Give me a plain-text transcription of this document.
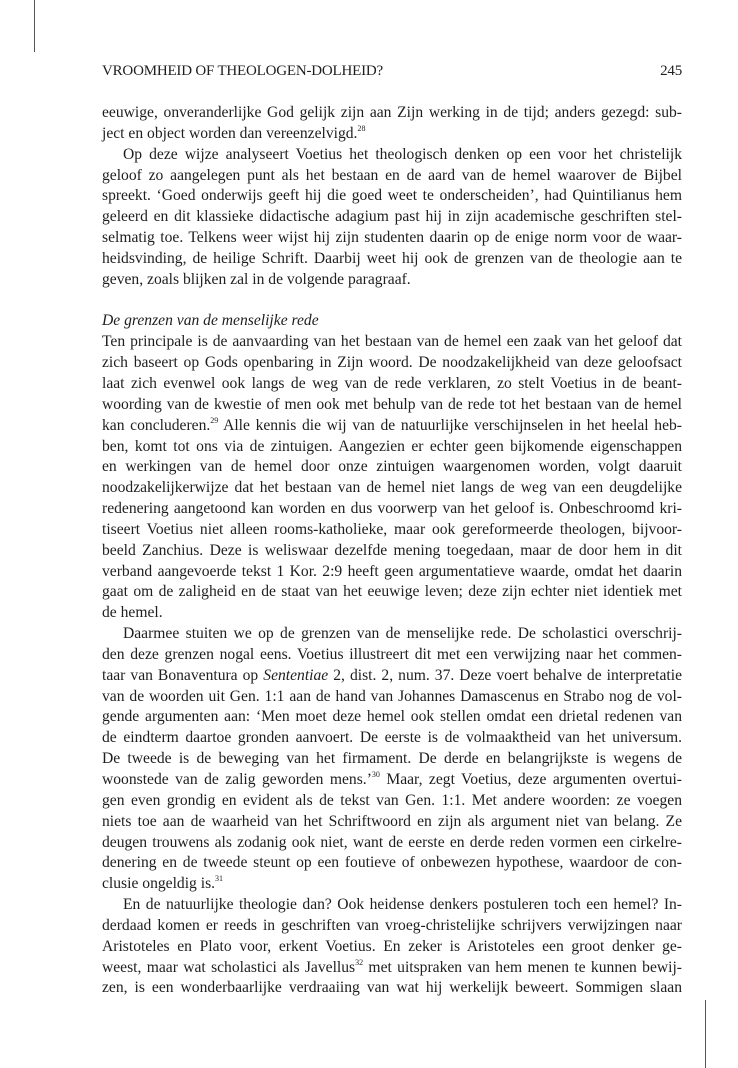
VROOMHEID OF THEOLOGEN-DOLHEID?	245
eeuwige, onveranderlijke God gelijk zijn aan Zijn werking in de tijd; anders gezegd: sub-
ject en object worden dan vereenzelvigd.$^{28}$
Op deze wijze analyseert Voetius het theologisch denken op een voor het christelijk
geloof zo aangelegen punt als het bestaan en de aard van de hemel waarover de Bijbel
spreekt. ‘Goed onderwijs geeft hij die goed weet te onderscheiden’, had Quintilianus hem
geleerd en dit klassieke didactische adagium past hij in zijn academische geschriften stel-
selmatig toe. Telkens weer wijst hij zijn studenten daarin op de enige norm voor de waar-
heidsvinding, de heilige Schrift. Daarbij weet hij ook de grenzen van de theologie aan te
geven, zoals blijken zal in de volgende paragraaf.
De grenzen van de menselijke rede
Ten principale is de aanvaarding van het bestaan van de hemel een zaak van het geloof dat
zich baseert op Gods openbaring in Zijn woord. De noodzakelijkheid van deze geloofsact
laat zich evenwel ook langs de weg van de rede verklaren, zo stelt Voetius in de beant-
woording van de kwestie of men ook met behulp van de rede tot het bestaan van de hemel
kan concluderen.$^{29}$ Alle kennis die wij van de natuurlijke verschijnselen in het heelal heb-
ben, komt tot ons via de zintuigen. Aangezien er echter geen bijkomende eigenschappen
en werkingen van de hemel door onze zintuigen waargenomen worden, volgt daaruit
noodzakelijkerwijze dat het bestaan van de hemel niet langs de weg van een deugdelijke
redenering aangetoond kan worden en dus voorwerp van het geloof is. Onbeschroomd kri-
tiseert Voetius niet alleen rooms-katholieke, maar ook gereformeerde theologen, bijvoor-
beeld Zanchius. Deze is weliswaar dezelfde mening toegedaan, maar de door hem in dit
verband aangevoerde tekst 1 Kor. 2:9 heeft geen argumentatieve waarde, omdat het daarin
gaat om de zaligheid en de staat van het eeuwige leven; deze zijn echter niet identiek met
de hemel.
Daarmee stuiten we op de grenzen van de menselijke rede. De scholastici overschrij-
den deze grenzen nogal eens. Voetius illustreert dit met een verwijzing naar het commen-
taar van Bonaventura op Sententiae 2, dist. 2, num. 37. Deze voert behalve de interpretatie
van de woorden uit Gen. 1:1 aan de hand van Johannes Damascenus en Strabo nog de vol-
gende argumenten aan: ‘Men moet deze hemel ook stellen omdat een drietal redenen van
de eindterm daartoe gronden aanvoert. De eerste is de volmaaktheid van het universum.
De tweede is de beweging van het firmament. De derde en belangrijkste is wegens de
woonstede van de zalig geworden mens.’$^{30}$ Maar, zegt Voetius, deze argumenten overtui-
gen even grondig en evident als de tekst van Gen. 1:1. Met andere woorden: ze voegen
niets toe aan de waarheid van het Schriftwoord en zijn als argument niet van belang. Ze
deugen trouwens als zodanig ook niet, want de eerste en derde reden vormen een cirkelre-
denering en de tweede steunt op een foutieve of onbewezen hypothese, waardoor de con-
clusie ongeldig is.$^{31}$
En de natuurlijke theologie dan? Ook heidense denkers postuleren toch een hemel? In-
derdaad komen er reeds in geschriften van vroeg-christelijke schrijvers verwijzingen naar
Aristoteles en Plato voor, erkent Voetius. En zeker is Aristoteles een groot denker ge-
weest, maar wat scholastici als Javellus$^{32}$ met uitspraken van hem menen te kunnen bewij-
zen, is een wonderbaarlijke verdraaiing van wat hij werkelijk beweert. Sommigen slaan
